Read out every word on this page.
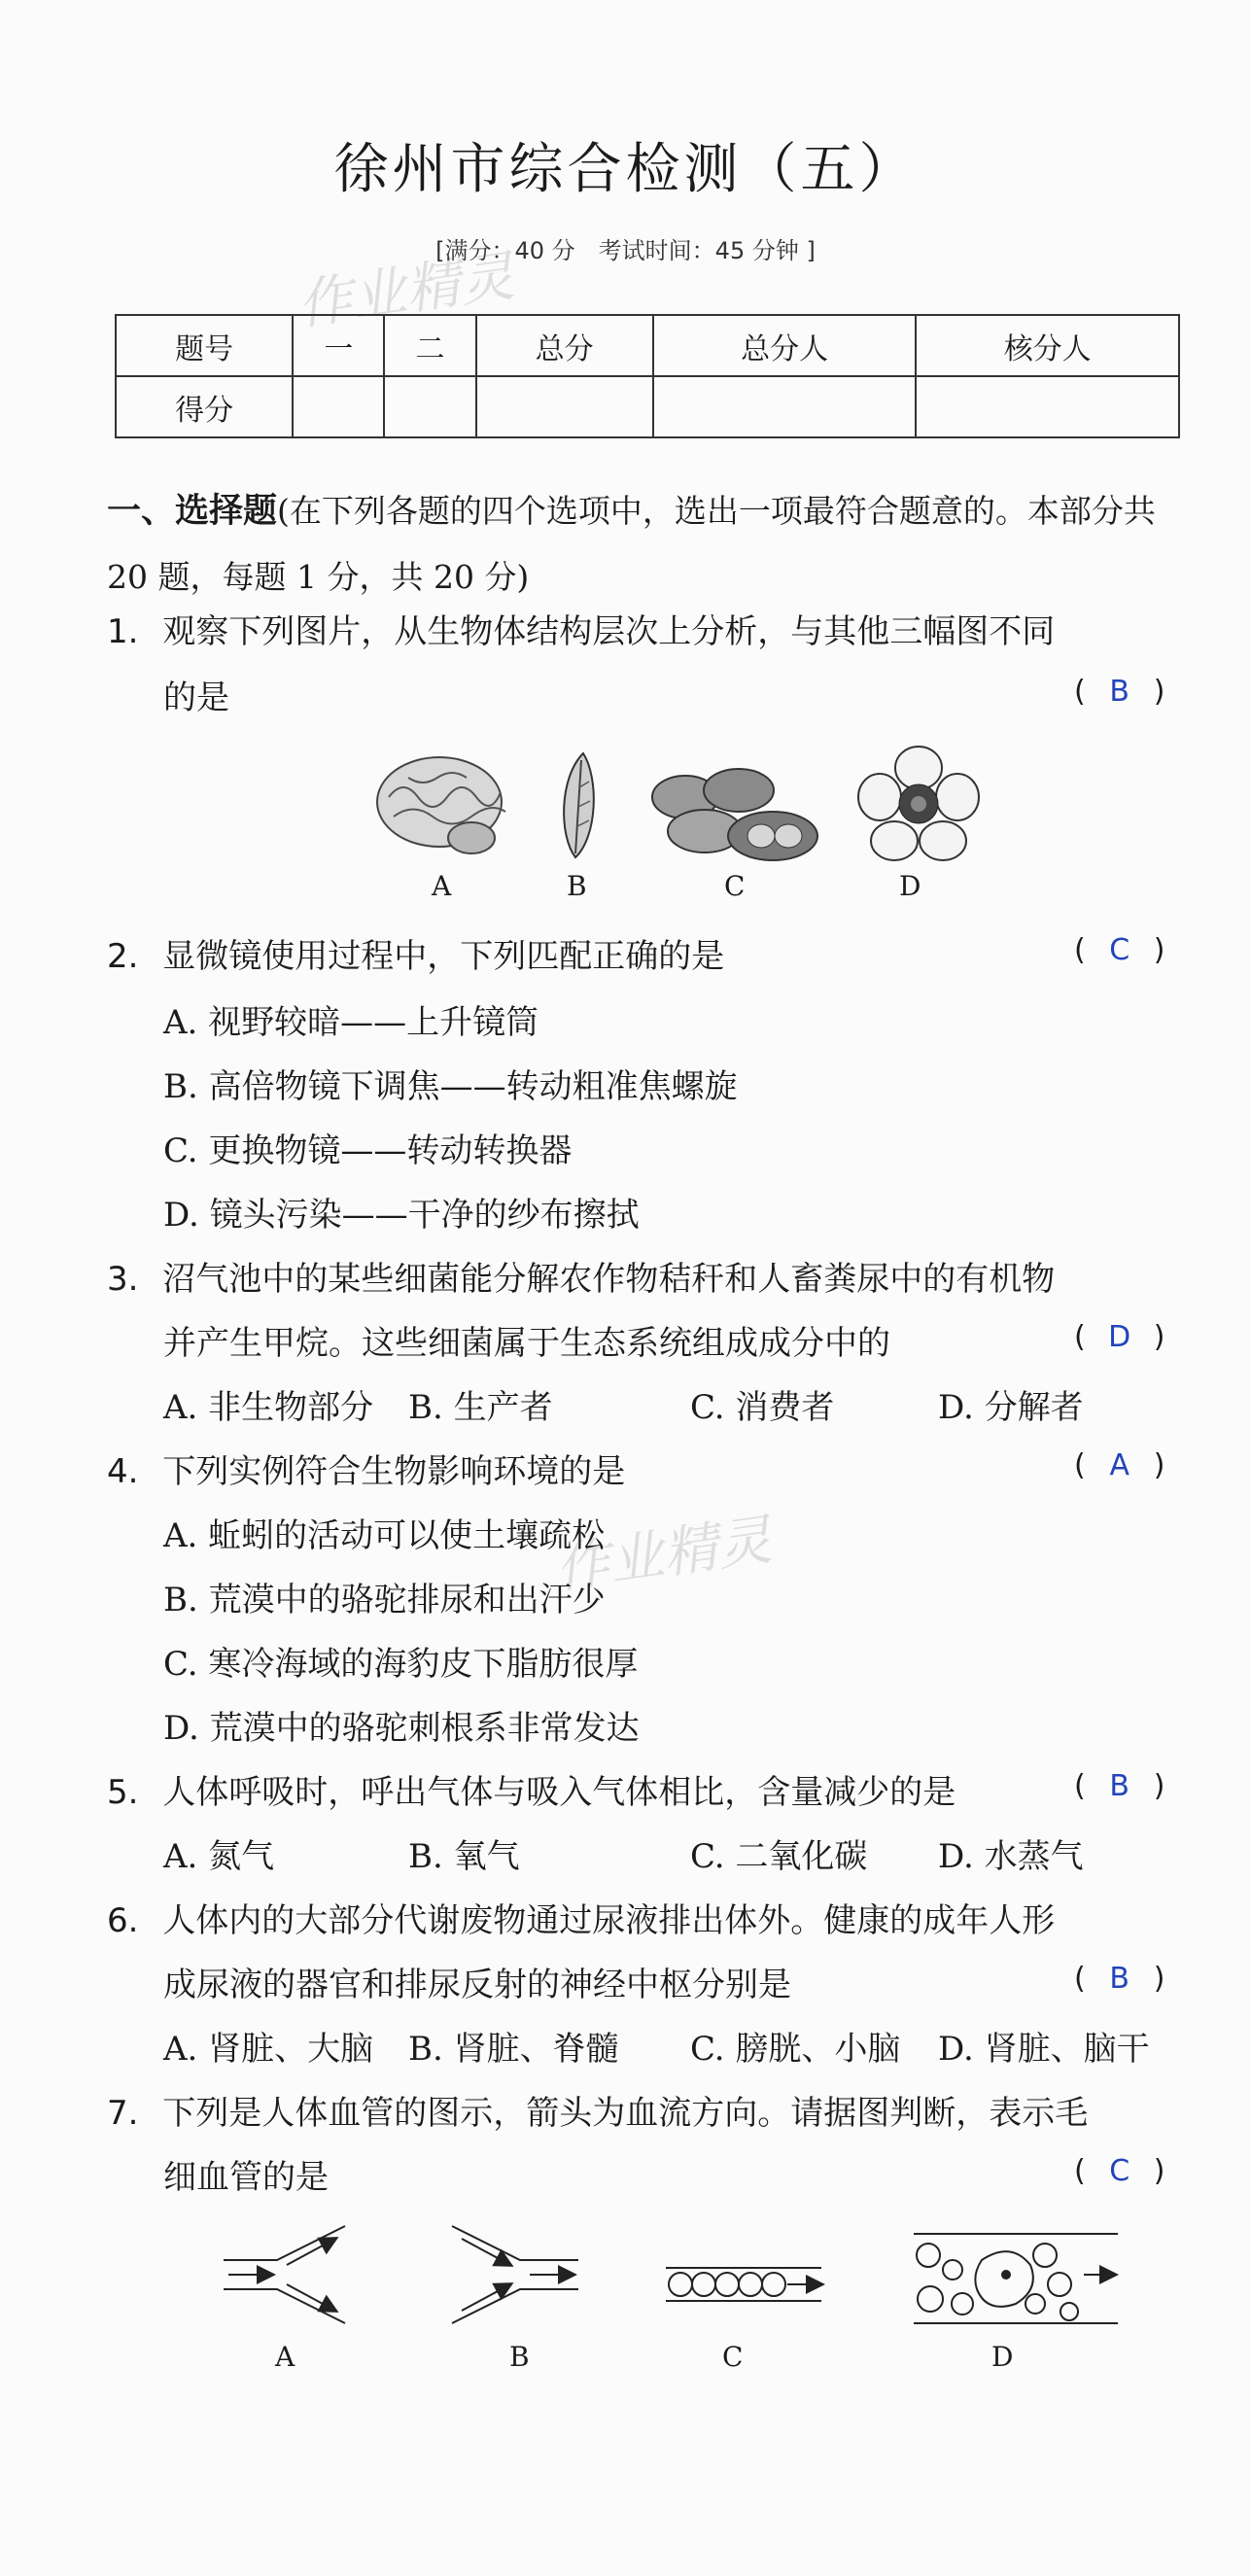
徐州市综合检测（五）
[满分：40 分　考试时间：45 分钟 ]
作业精灵
作业精灵
题号	一	二	总分	总分人	核分人
得分					
一、选择题(在下列各题的四个选项中，选出一项最符合题意的。本部分共 20 题，每题 1 分，共 20 分)
1. 观察下列图片，从生物体结构层次上分析，与其他三幅图不同
的是	( B )
A	B	C	D
2. 显微镜使用过程中，下列匹配正确的是	( C )
A. 视野较暗——上升镜筒
B. 高倍物镜下调焦——转动粗准焦螺旋
C. 更换物镜——转动转换器
D. 镜头污染——干净的纱布擦拭
3. 沼气池中的某些细菌能分解农作物秸秆和人畜粪尿中的有机物
并产生甲烷。这些细菌属于生态系统组成成分中的	( D )
A. 非生物部分 B. 生产者	C. 消费者	D. 分解者
4. 下列实例符合生物影响环境的是	( A )
A. 蚯蚓的活动可以使土壤疏松
B. 荒漠中的骆驼排尿和出汗少
C. 寒冷海域的海豹皮下脂肪很厚
D. 荒漠中的骆驼刺根系非常发达
5. 人体呼吸时，呼出气体与吸入气体相比，含量减少的是	( B )
A. 氮气	B. 氧气	C. 二氧化碳 D. 水蒸气
6. 人体内的大部分代谢废物通过尿液排出体外。健康的成年人形
成尿液的器官和排尿反射的神经中枢分别是	( B )
A. 肾脏、大脑 B. 肾脏、脊髓 C. 膀胱、小脑 D. 肾脏、脑干
7. 下列是人体血管的图示，箭头为血流方向。请据图判断，表示毛
细血管的是	( C )
A	B	C	D
